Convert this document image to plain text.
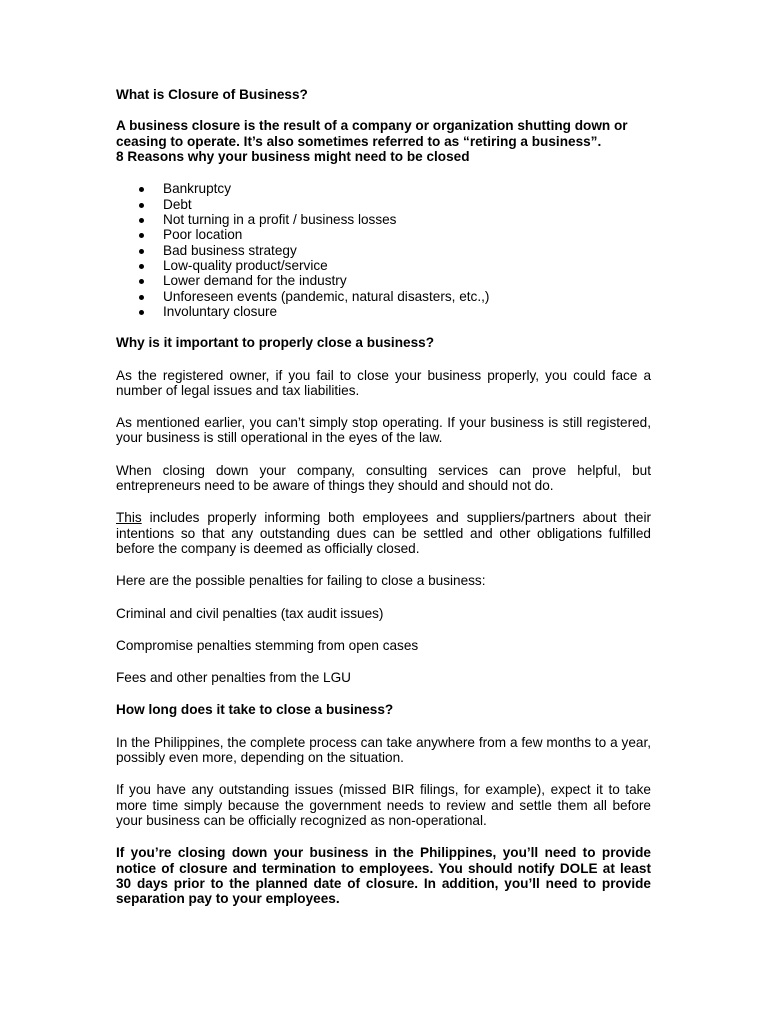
What is Closure of Business?

A business closure is the result of a company or organization shutting down or ceasing to operate. It’s also sometimes referred to as “retiring a business”.

8 Reasons why your business might need to be closed

Bankruptcy
Debt
Not turning in a profit / business losses
Poor location
Bad business strategy
Low-quality product/service
Lower demand for the industry
Unforeseen events (pandemic, natural disasters, etc.,)
Involuntary closure

Why is it important to properly close a business?

As the registered owner, if you fail to close your business properly, you could face a number of legal issues and tax liabilities.

As mentioned earlier, you can’t simply stop operating. If your business is still registered, your business is still operational in the eyes of the law.

When closing down your company, consulting services can prove helpful, but entrepreneurs need to be aware of things they should and should not do.

This includes properly informing both employees and suppliers/partners about their intentions so that any outstanding dues can be settled and other obligations fulfilled before the company is deemed as officially closed.

Here are the possible penalties for failing to close a business:

Criminal and civil penalties (tax audit issues)

Compromise penalties stemming from open cases

Fees and other penalties from the LGU

How long does it take to close a business?

In the Philippines, the complete process can take anywhere from a few months to a year, possibly even more, depending on the situation.

If you have any outstanding issues (missed BIR filings, for example), expect it to take more time simply because the government needs to review and settle them all before your business can be officially recognized as non-operational.

If you’re closing down your business in the Philippines, you’ll need to provide notice of closure and termination to employees. You should notify DOLE at least 30 days prior to the planned date of closure. In addition, you’ll need to provide separation pay to your employees.
